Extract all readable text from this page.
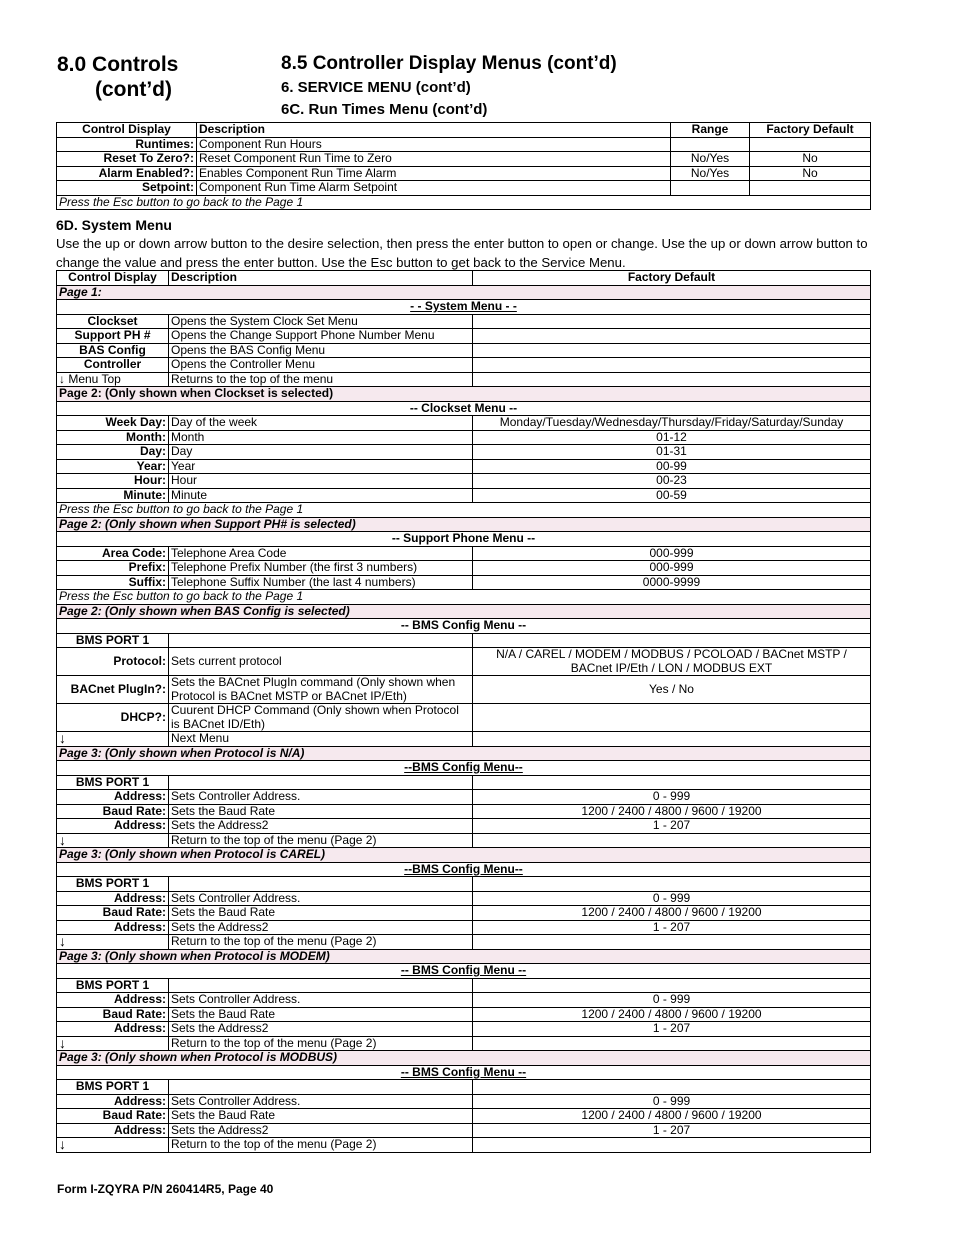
8.0 Controls
(cont’d)
8.5 Controller Display Menus (cont’d)
6. SERVICE MENU (cont’d)
6C. Run Times Menu (cont’d)
Control Display	Description	Range	Factory Default
Runtimes:	Component Run Hours		
Reset To Zero?:	Reset Component Run Time to Zero	No/Yes	No
Alarm Enabled?:	Enables Component Run Time Alarm	No/Yes	No
Setpoint:	Component Run Time Alarm Setpoint		
Press the Esc button to go back to the Page 1			
6D. System Menu
Use the up or down arrow button to the desire selection, then press the enter button to open or change. Use the up or down arrow button to change the value and press the enter button. Use the Esc button to get back to the Service Menu.
Control Display	Description	Factory Default
Page 1:		
- - System Menu - -		
Clockset	Opens the System Clock Set Menu	
Support PH #	Opens the Change Support Phone Number Menu	
BAS Config	Opens the BAS Config Menu	
Controller	Opens the Controller Menu	
↓ Menu Top	Returns to the top of the menu	
Page 2: (Only shown when Clockset is selected)		
-- Clockset Menu --		
Week Day:	Day of the week	Monday/Tuesday/Wednesday/Thursday/Friday/Saturday/Sunday
Month:	Month	01-12
Day:	Day	01-31
Year:	Year	00-99
Hour:	Hour	00-23
Minute:	Minute	00-59
Press the Esc button to go back to the Page 1		
Page 2: (Only shown when Support PH# is selected)		
-- Support Phone Menu --		
Area Code:	Telephone Area Code	000-999
Prefix:	Telephone Prefix Number (the first 3 numbers)	000-999
Suffix:	Telephone Suffix Number (the last 4 numbers)	0000-9999
Press the Esc button to go back to the Page 1		
Page 2: (Only shown when BAS Config is selected)		
-- BMS Config Menu --		
BMS PORT 1		
Protocol:	Sets current protocol	N/A / CAREL / MODEM / MODBUS / PCOLOAD / BACnet MSTP / BACnet IP/Eth / LON / MODBUS EXT
BACnet PlugIn?:	Sets the BACnet PlugIn command (Only shown when Protocol is BACnet MSTP or BACnet IP/Eth)	Yes / No
DHCP?:	Cuurent DHCP Command (Only shown when Protocol is BACnet ID/Eth)	
↓	Next Menu	
Page 3: (Only shown when Protocol is N/A)		
--BMS Config Menu--		
BMS PORT 1		
Address:	Sets Controller Address.	0 - 999
Baud Rate:	Sets the Baud Rate	1200 / 2400 / 4800 / 9600 / 19200
Address:	Sets the Address2	1 - 207
↓	Return to the top of the menu (Page 2)	
Page 3: (Only shown when Protocol is CAREL)		
--BMS Config Menu--		
BMS PORT 1		
Address:	Sets Controller Address.	0 - 999
Baud Rate:	Sets the Baud Rate	1200 / 2400 / 4800 / 9600 / 19200
Address:	Sets the Address2	1 - 207
↓	Return to the top of the menu (Page 2)	
Page 3: (Only shown when Protocol is MODEM)		
-- BMS Config Menu --		
BMS PORT 1		
Address:	Sets Controller Address.	0 - 999
Baud Rate:	Sets the Baud Rate	1200 / 2400 / 4800 / 9600 / 19200
Address:	Sets the Address2	1 - 207
↓	Return to the top of the menu (Page 2)	
Page 3: (Only shown when Protocol is MODBUS)		
-- BMS Config Menu --		
BMS PORT 1		
Address:	Sets Controller Address.	0 - 999
Baud Rate:	Sets the Baud Rate	1200 / 2400 / 4800 / 9600 / 19200
Address:	Sets the Address2	1 - 207
↓	Return to the top of the menu (Page 2)	
Form I-ZQYRA P/N 260414R5, Page 40
